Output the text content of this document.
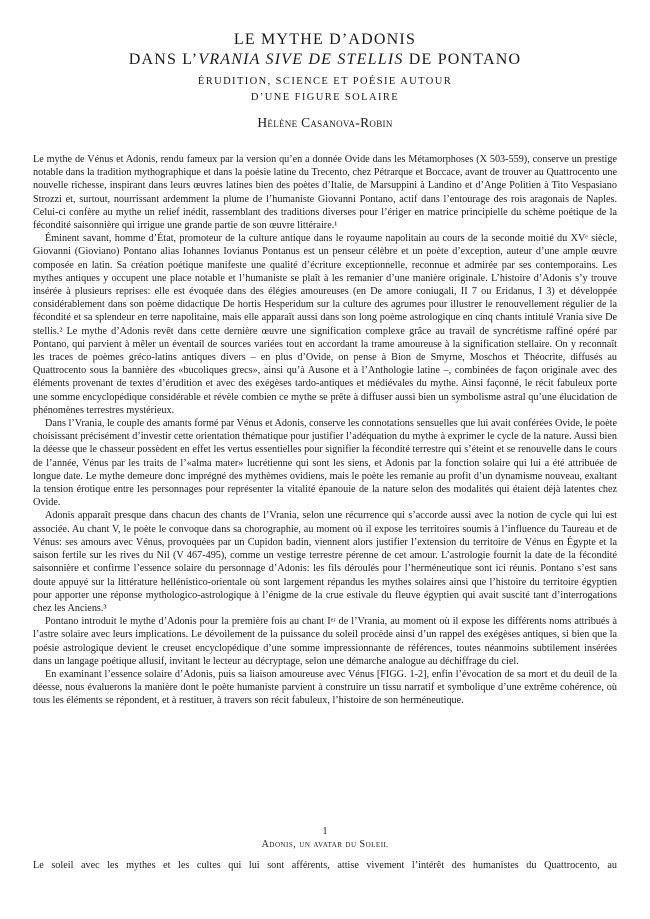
LE MYTHE D’ADONIS
DANS L’VRANIA SIVE DE STELLIS DE PONTANO
ÉRUDITION, SCIENCE ET POÉSIE AUTOUR
D’UNE FIGURE SOLAIRE
Hélène Casanova-Robin

Le mythe de Vénus et Adonis, rendu fameux par la version qu’en a donnée Ovide dans les Métamorphoses (X 503-559), conserve un prestige notable dans la tradition mythographique et dans la poésie latine du Trecento, chez Pétrarque et Boccace, avant de trouver au Quattrocento une nouvelle richesse, inspirant dans leurs œuvres latines bien des poètes d’Italie, de Marsuppini à Landino et d’Ange Politien à Tito Vespasiano Strozzi et, surtout, nourrissant ardemment la plume de l’humaniste Giovanni Pontano, actif dans l’entourage des rois aragonais de Naples. Celui-ci confère au mythe un relief inédit, rassemblant des traditions diverses pour l’ériger en matrice principielle du schème poétique de la fécondité saisonnière qui irrigue une grande partie de son œuvre littéraire.¹

Éminent savant, homme d’État, promoteur de la culture antique dans le royaume napolitain au cours de la seconde moitié du XVᵉ siècle, Giovanni (Gioviano) Pontano alias Iohannes Iovianus Pontanus est un penseur célèbre et un poète d’exception, auteur d’une ample œuvre composée en latin. Sa création poétique manifeste une qualité d’écriture exceptionnelle, reconnue et admirée par ses contemporains. Les mythes antiques y occupent une place notable et l’humaniste se plaît à les remanier d’une manière originale. L’histoire d’Adonis s’y trouve insérée à plusieurs reprises: elle est évoquée dans des élégies amoureuses (en De amore coniugali, II 7 ou Eridanus, I 3) et développée considérablement dans son poème didactique De hortis Hesperidum sur la culture des agrumes pour illustrer le renouvellement régulier de la fécondité et sa splendeur en terre napolitaine, mais elle apparaît aussi dans son long poème astrologique en cinq chants intitulé Vrania sive De stellis.² Le mythe d’Adonis revêt dans cette dernière œuvre une signification complexe grâce au travail de syncrétisme raffiné opéré par Pontano, qui parvient à mêler un éventail de sources variées tout en accordant la trame amoureuse à la signification stellaire. On y reconnaît les traces de poèmes gréco-latins antiques divers – en plus d’Ovide, on pense à Bion de Smyrne, Moschos et Théocrite, diffusés au Quattrocento sous la bannière des «bucoliques grecs», ainsi qu’à Ausone et à l’Anthologie latine –, combinées de façon originale avec des éléments provenant de textes d’érudition et avec des exégèses tardo-antiques et médiévales du mythe. Ainsi façonné, le récit fabuleux porte une somme encyclopédique considérable et révèle combien ce mythe se prête à diffuser aussi bien un symbolisme astral qu’une élucidation de phénomènes terrestres mystérieux.

Dans l’Vrania, le couple des amants formé par Vénus et Adonis, conserve les connotations sensuelles que lui avait conférées Ovide, le poète choisissant précisément d’investir cette orientation thématique pour justifier l’adéquation du mythe à exprimer le cycle de la nature. Aussi bien la déesse que le chasseur possèdent en effet les vertus essentielles pour signifier la fécondité terrestre qui s’éteint et se renouvelle dans le cours de l’année, Vénus par les traits de l’«alma mater» lucrétienne qui sont les siens, et Adonis par la fonction solaire qui lui a été attribuée de longue date. Le mythe demeure donc imprégné des mythèmes ovidiens, mais le poète les remanie au profit d’un dynamisme nouveau, exaltant la tension érotique entre les personnages pour représenter la vitalité épanouie de la nature selon des modalités qui étaient déjà latentes chez Ovide.

Adonis apparaît presque dans chacun des chants de l’Vrania, selon une récurrence qui s’accorde aussi avec la notion de cycle qui lui est associée. Au chant V, le poète le convoque dans sa chorographie, au moment où il expose les territoires soumis à l’influence du Taureau et de Vénus: ses amours avec Vénus, provoquées par un Cupidon badin, viennent alors justifier l’extension du territoire de Vénus en Égypte et la saison fertile sur les rives du Nil (V 467-495), comme un vestige terrestre pérenne de cet amour. L’astrologie fournit la date de la fécondité saisonnière et confirme l’essence solaire du personnage d’Adonis: les fils déroulés pour l’herméneutique sont ici réunis. Pontano s’est sans doute appuyé sur la littérature hellénistico-orientale où sont largement répandus les mythes solaires ainsi que l’histoire du territoire égyptien pour apporter une réponse mythologico-astrologique à l’énigme de la crue estivale du fleuve égyptien qui avait suscité tant d’interrogations chez les Anciens.³

Pontano introduit le mythe d’Adonis pour la première fois au chant Iᵉʳ de l’Vrania, au moment où il expose les différents noms attribués à l’astre solaire avec leurs implications. Le dévoilement de la puissance du soleil procède ainsi d’un rappel des exégèses antiques, si bien que la poésie astrologique devient le creuset encyclopédique d’une somme impressionnante de références, toutes néanmoins subtilement insérées dans un langage poétique allusif, invitant le lecteur au décryptage, selon une démarche analogue au déchiffrage du ciel.

En examinant l’essence solaire d’Adonis, puis sa liaison amoureuse avec Vénus [FIGG. 1-2], enfin l’évocation de sa mort et du deuil de la déesse, nous évaluerons la manière dont le poète humaniste parvient à construire un tissu narratif et symbolique d’une extrême cohérence, où tous les éléments se répondent, et à restituer, à travers son récit fabuleux, l’histoire de son herméneutique.

1
Adonis, un avatar du Soleil
Le soleil avec les mythes et les cultes qui lui sont afférents, attise vivement l’intérêt des humanistes du Quattrocento, au
